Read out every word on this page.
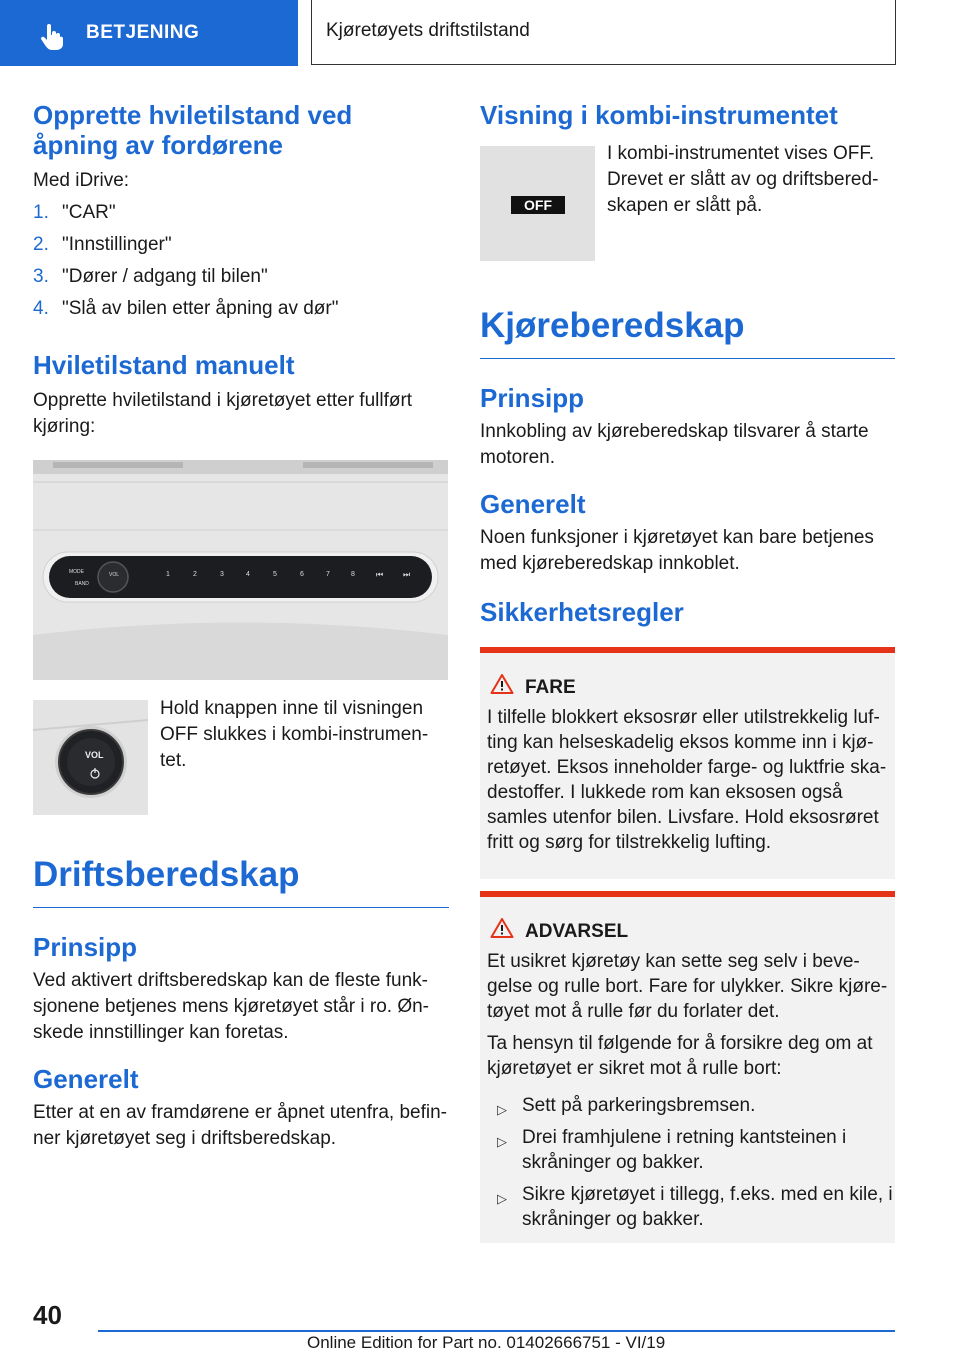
BETJENING	Kjøretøyets driftstilstand
Opprette hviletilstand ved åpning av fordørene

Med iDrive:

1. "CAR"
2. "Innstillinger"
3. "Dører / adgang til bilen"
4. "Slå av bilen etter åpning av dør"
Hviletilstand manuelt

Opprette hviletilstand i kjøretøyet etter fullført kjøring:

MODE
BAND
VOL	1	2	3	4	5	6	7	8	⏮ ⏭
VOL

Hold knappen inne til visningen OFF slukkes i kombi-instrumen-tet.

Driftsberedskap
Prinsipp

Ved aktivert driftsberedskap kan de fleste funk-sjonene betjenes mens kjøretøyet står i ro. Øn-skede innstillinger kan foretas.

Generelt

Etter at en av framdørene er åpnet utenfra, befin-ner kjøretøyet seg i driftsberedskap.

Visning i kombi-instrumentet
OFF

I kombi-instrumentet vises OFF. Drevet er slått av og driftsbered-skapen er slått på.

Kjøreberedskap
Prinsipp

Innkobling av kjøreberedskap tilsvarer å starte motoren.

Generelt

Noen funksjoner i kjøretøyet kan bare betjenes med kjøreberedskap innkoblet.

Sikkerhetsregler
FARE

I tilfelle blokkert eksosrør eller utilstrekkelig luf-ting kan helseskadelig eksos komme inn i kjø-retøyet. Eksos inneholder farge- og luktfrie ska-destoffer. I lukkede rom kan eksosen også samles utenfor bilen. Livsfare. Hold eksosrøret fritt og sørg for tilstrekkelig lufting.

ADVARSEL

Et usikret kjøretøy kan sette seg selv i beve-gelse og rulle bort. Fare for ulykker. Sikre kjøre-tøyet mot å rulle før du forlater det.

Ta hensyn til følgende for å forsikre deg om at kjøretøyet er sikret mot å rulle bort:

▷ Sett på parkeringsbremsen.
▷ Drei framhjulene i retning kantsteinen i skråninger og bakker.
▷ Sikre kjøretøyet i tillegg, f.eks. med en kile, i skråninger og bakker.
40
Online Edition for Part no. 01402666751 - VI/19
